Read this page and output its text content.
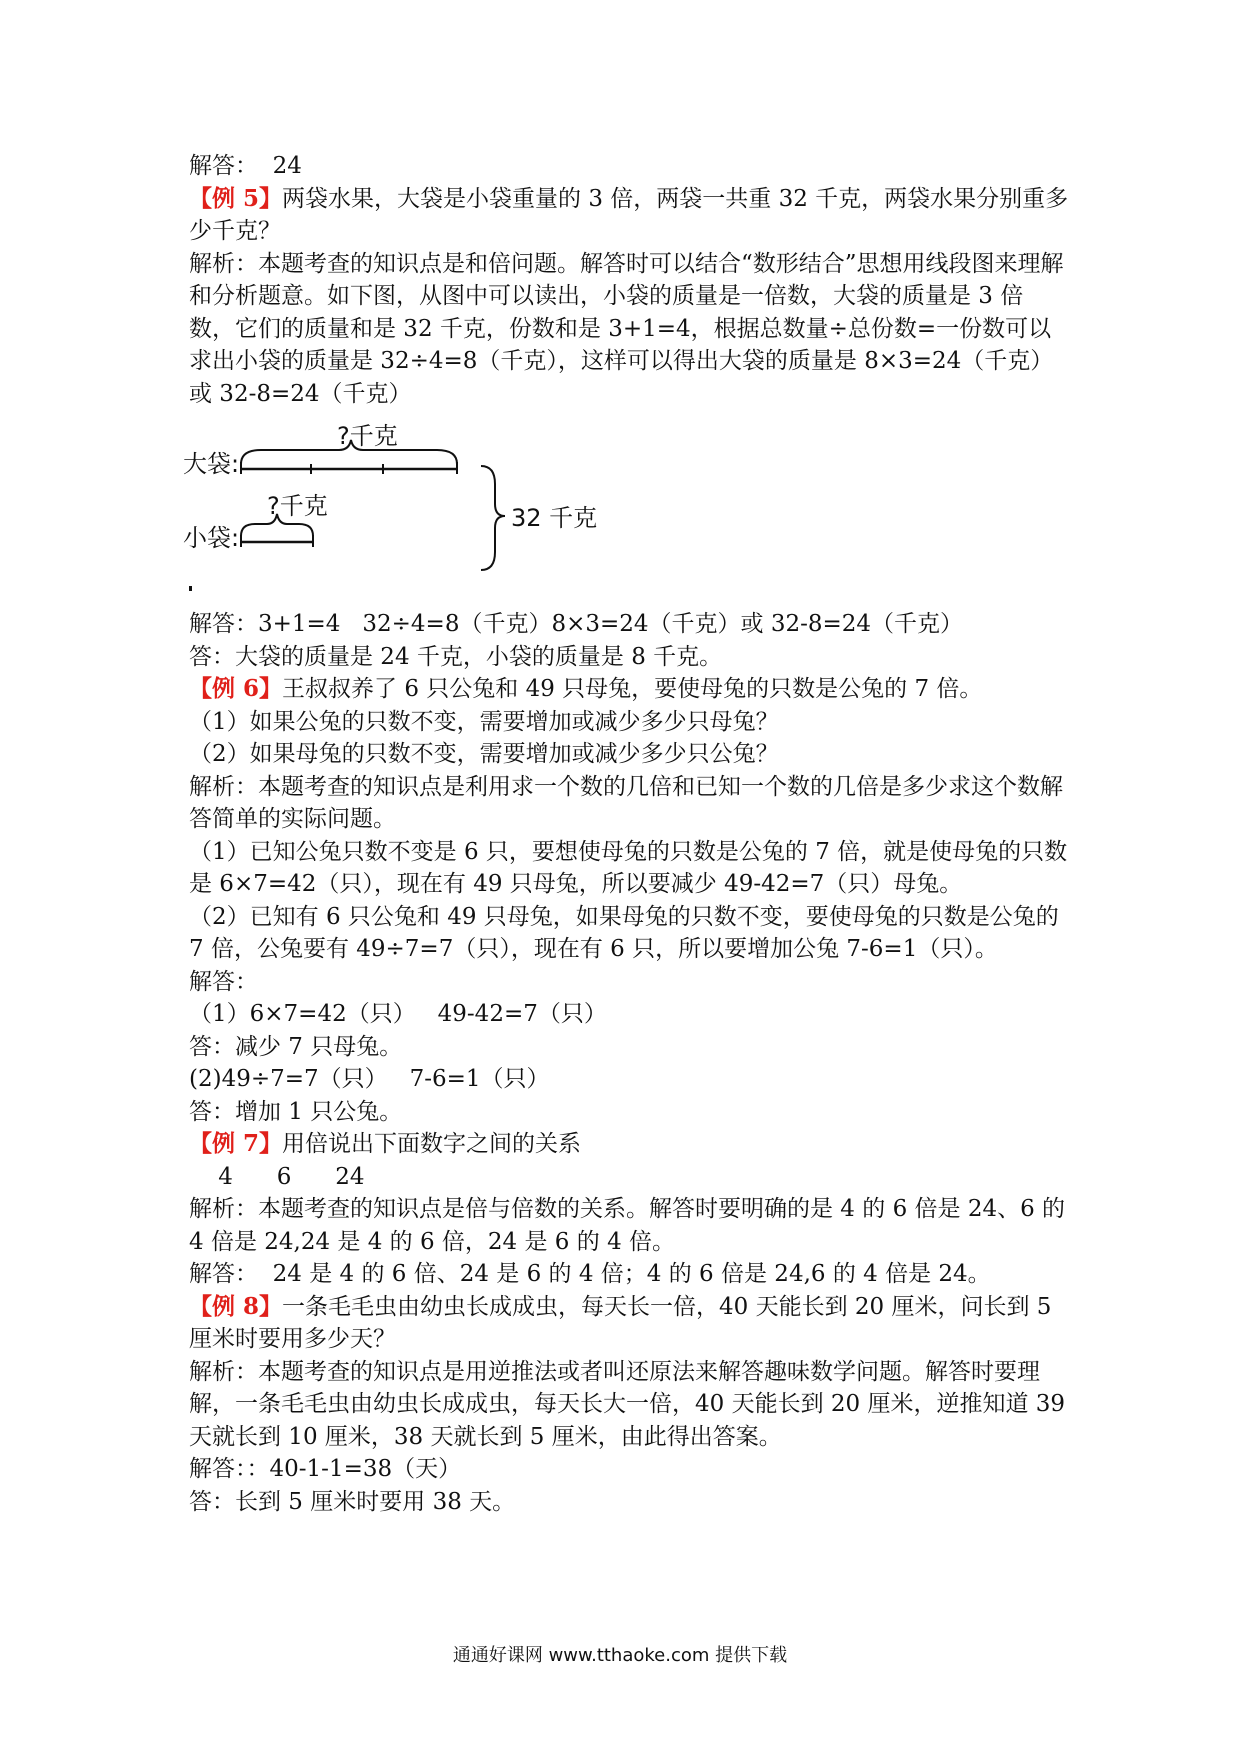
解答：  24

【例 5】两袋水果，大袋是小袋重量的 3 倍，两袋一共重 32 千克，两袋水果分别重多少千克？

解析：本题考查的知识点是和倍问题。解答时可以结合“数形结合”思想用线段图来理解和分析题意。如下图，从图中可以读出，小袋的质量是一倍数，大袋的质量是 3 倍数，它们的质量和是 32 千克，份数和是 3+1=4，根据总数量÷总份数=一份数可以求出小袋的质量是 32÷4=8（千克），这样可以得出大袋的质量是 8×3=24（千克）或 32-8=24（千克）

大袋:
?千克
小袋:
?千克	32 千克

解答：3+1=4   32÷4=8（千克）8×3=24（千克）或 32-8=24（千克）

答：大袋的质量是 24 千克，小袋的质量是 8 千克。

【例 6】王叔叔养了 6 只公兔和 49 只母兔，要使母兔的只数是公兔的 7 倍。

（1）如果公兔的只数不变，需要增加或减少多少只母兔？

（2）如果母兔的只数不变，需要增加或减少多少只公兔？

解析：本题考查的知识点是利用求一个数的几倍和已知一个数的几倍是多少求这个数解答简单的实际问题。

（1）已知公兔只数不变是 6 只，要想使母兔的只数是公兔的 7 倍，就是使母兔的只数是 6×7=42（只），现在有 49 只母兔，所以要减少 49-42=7（只）母兔。

（2）已知有 6 只公兔和 49 只母兔，如果母兔的只数不变，要使母兔的只数是公兔的 7 倍，公兔要有 49÷7=7（只），现在有 6 只，所以要增加公兔 7-6=1（只）。

解答：

（1）6×7=42（只）   49-42=7（只）

答：减少 7 只母兔。

(2)49÷7=7（只）   7-6=1（只）

答：增加 1 只公兔。

【例 7】用倍说出下面数字之间的关系

4      6      24

解析：本题考查的知识点是倍与倍数的关系。解答时要明确的是 4 的 6 倍是 24、6 的 4 倍是 24,24 是 4 的 6 倍，24 是 6 的 4 倍。

解答：  24 是 4 的 6 倍、24 是 6 的 4 倍；4 的 6 倍是 24,6 的 4 倍是 24。

【例 8】一条毛毛虫由幼虫长成成虫，每天长一倍，40 天能长到 20 厘米，问长到 5 厘米时要用多少天？

解析：本题考查的知识点是用逆推法或者叫还原法来解答趣味数学问题。解答时要理解，一条毛毛虫由幼虫长成成虫，每天长大一倍，40 天能长到 20 厘米，逆推知道 39 天就长到 10 厘米，38 天就长到 5 厘米，由此得出答案。

解答：：40-1-1=38（天）

答：长到 5 厘米时要用 38 天。

通通好课网 www.tthaoke.com 提供下载
